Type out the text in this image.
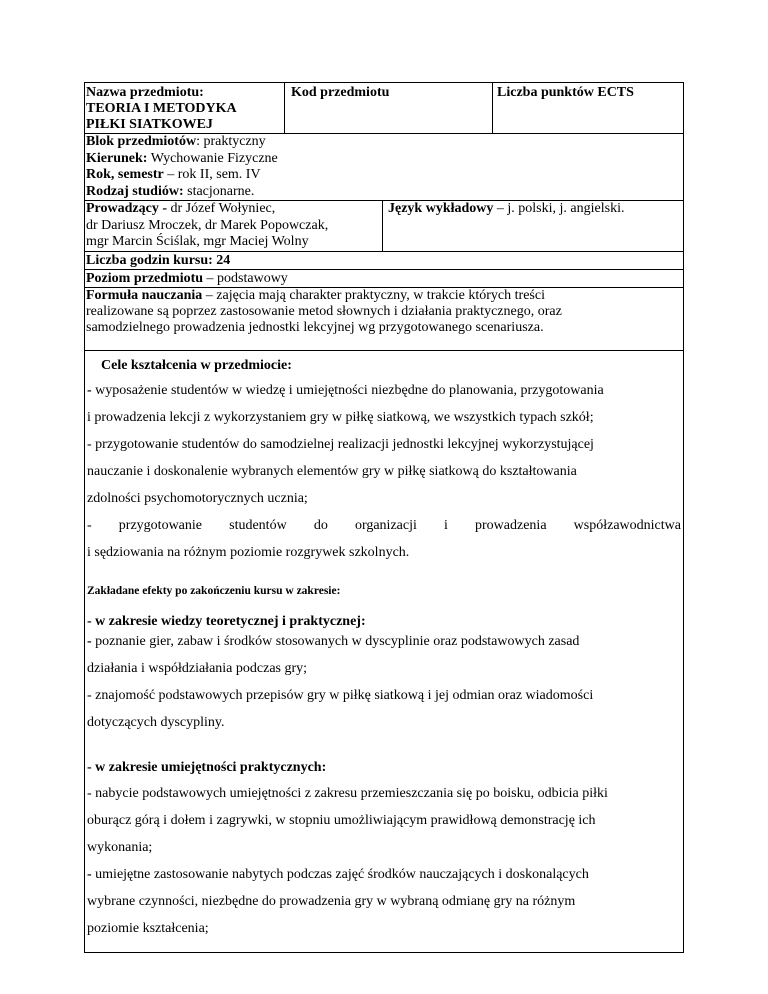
Nazwa przedmiotu:
TEORIA I METODYKA
PIŁKI SIATKOWEJ
Kod przedmiotu	Liczba punktów ECTS
Blok przedmiotów: praktyczny
Kierunek: Wychowanie Fizyczne
Rok, semestr – rok II, sem. IV
Rodzaj studiów: stacjonarne.
Prowadzący - dr Józef Wołyniec,
dr Dariusz Mroczek, dr Marek Popowczak,
mgr Marcin Ściślak, mgr Maciej Wolny
Język wykładowy – j. polski, j. angielski.
Liczba godzin kursu: 24
Poziom przedmiotu – podstawowy
Formuła nauczania – zajęcia mają charakter praktyczny, w trakcie których treści
realizowane są poprzez zastosowanie metod słownych i działania praktycznego, oraz
samodzielnego prowadzenia jednostki lekcyjnej wg przygotowanego scenariusza.
Cele kształcenia w przedmiocie:
- wyposażenie studentów w wiedzę i umiejętności niezbędne do planowania, przygotowania
i prowadzenia lekcji z wykorzystaniem gry w piłkę siatkową, we wszystkich typach szkół;
- przygotowanie studentów do samodzielnej realizacji jednostki lekcyjnej wykorzystującej
nauczanie i doskonalenie wybranych elementów gry w piłkę siatkową do kształtowania
zdolności psychomotorycznych ucznia;
- przygotowanie studentów do organizacji i prowadzenia współzawodnictwa
i sędziowania na różnym poziomie rozgrywek szkolnych.
Zakładane efekty po zakończeniu kursu w zakresie:
- w zakresie wiedzy teoretycznej i praktycznej:
- poznanie gier, zabaw i środków stosowanych w dyscyplinie oraz podstawowych zasad
działania i współdziałania podczas gry;
- znajomość podstawowych przepisów gry w piłkę siatkową i jej odmian oraz wiadomości
dotyczących dyscypliny.
- w zakresie umiejętności praktycznych:
- nabycie podstawowych umiejętności z zakresu przemieszczania się po boisku, odbicia piłki
oburącz górą i dołem i zagrywki, w stopniu umożliwiającym prawidłową demonstrację ich
wykonania;
- umiejętne zastosowanie nabytych podczas zajęć środków nauczających i doskonalących
wybrane czynności, niezbędne do prowadzenia gry w wybraną odmianę gry na różnym
poziomie kształcenia;
